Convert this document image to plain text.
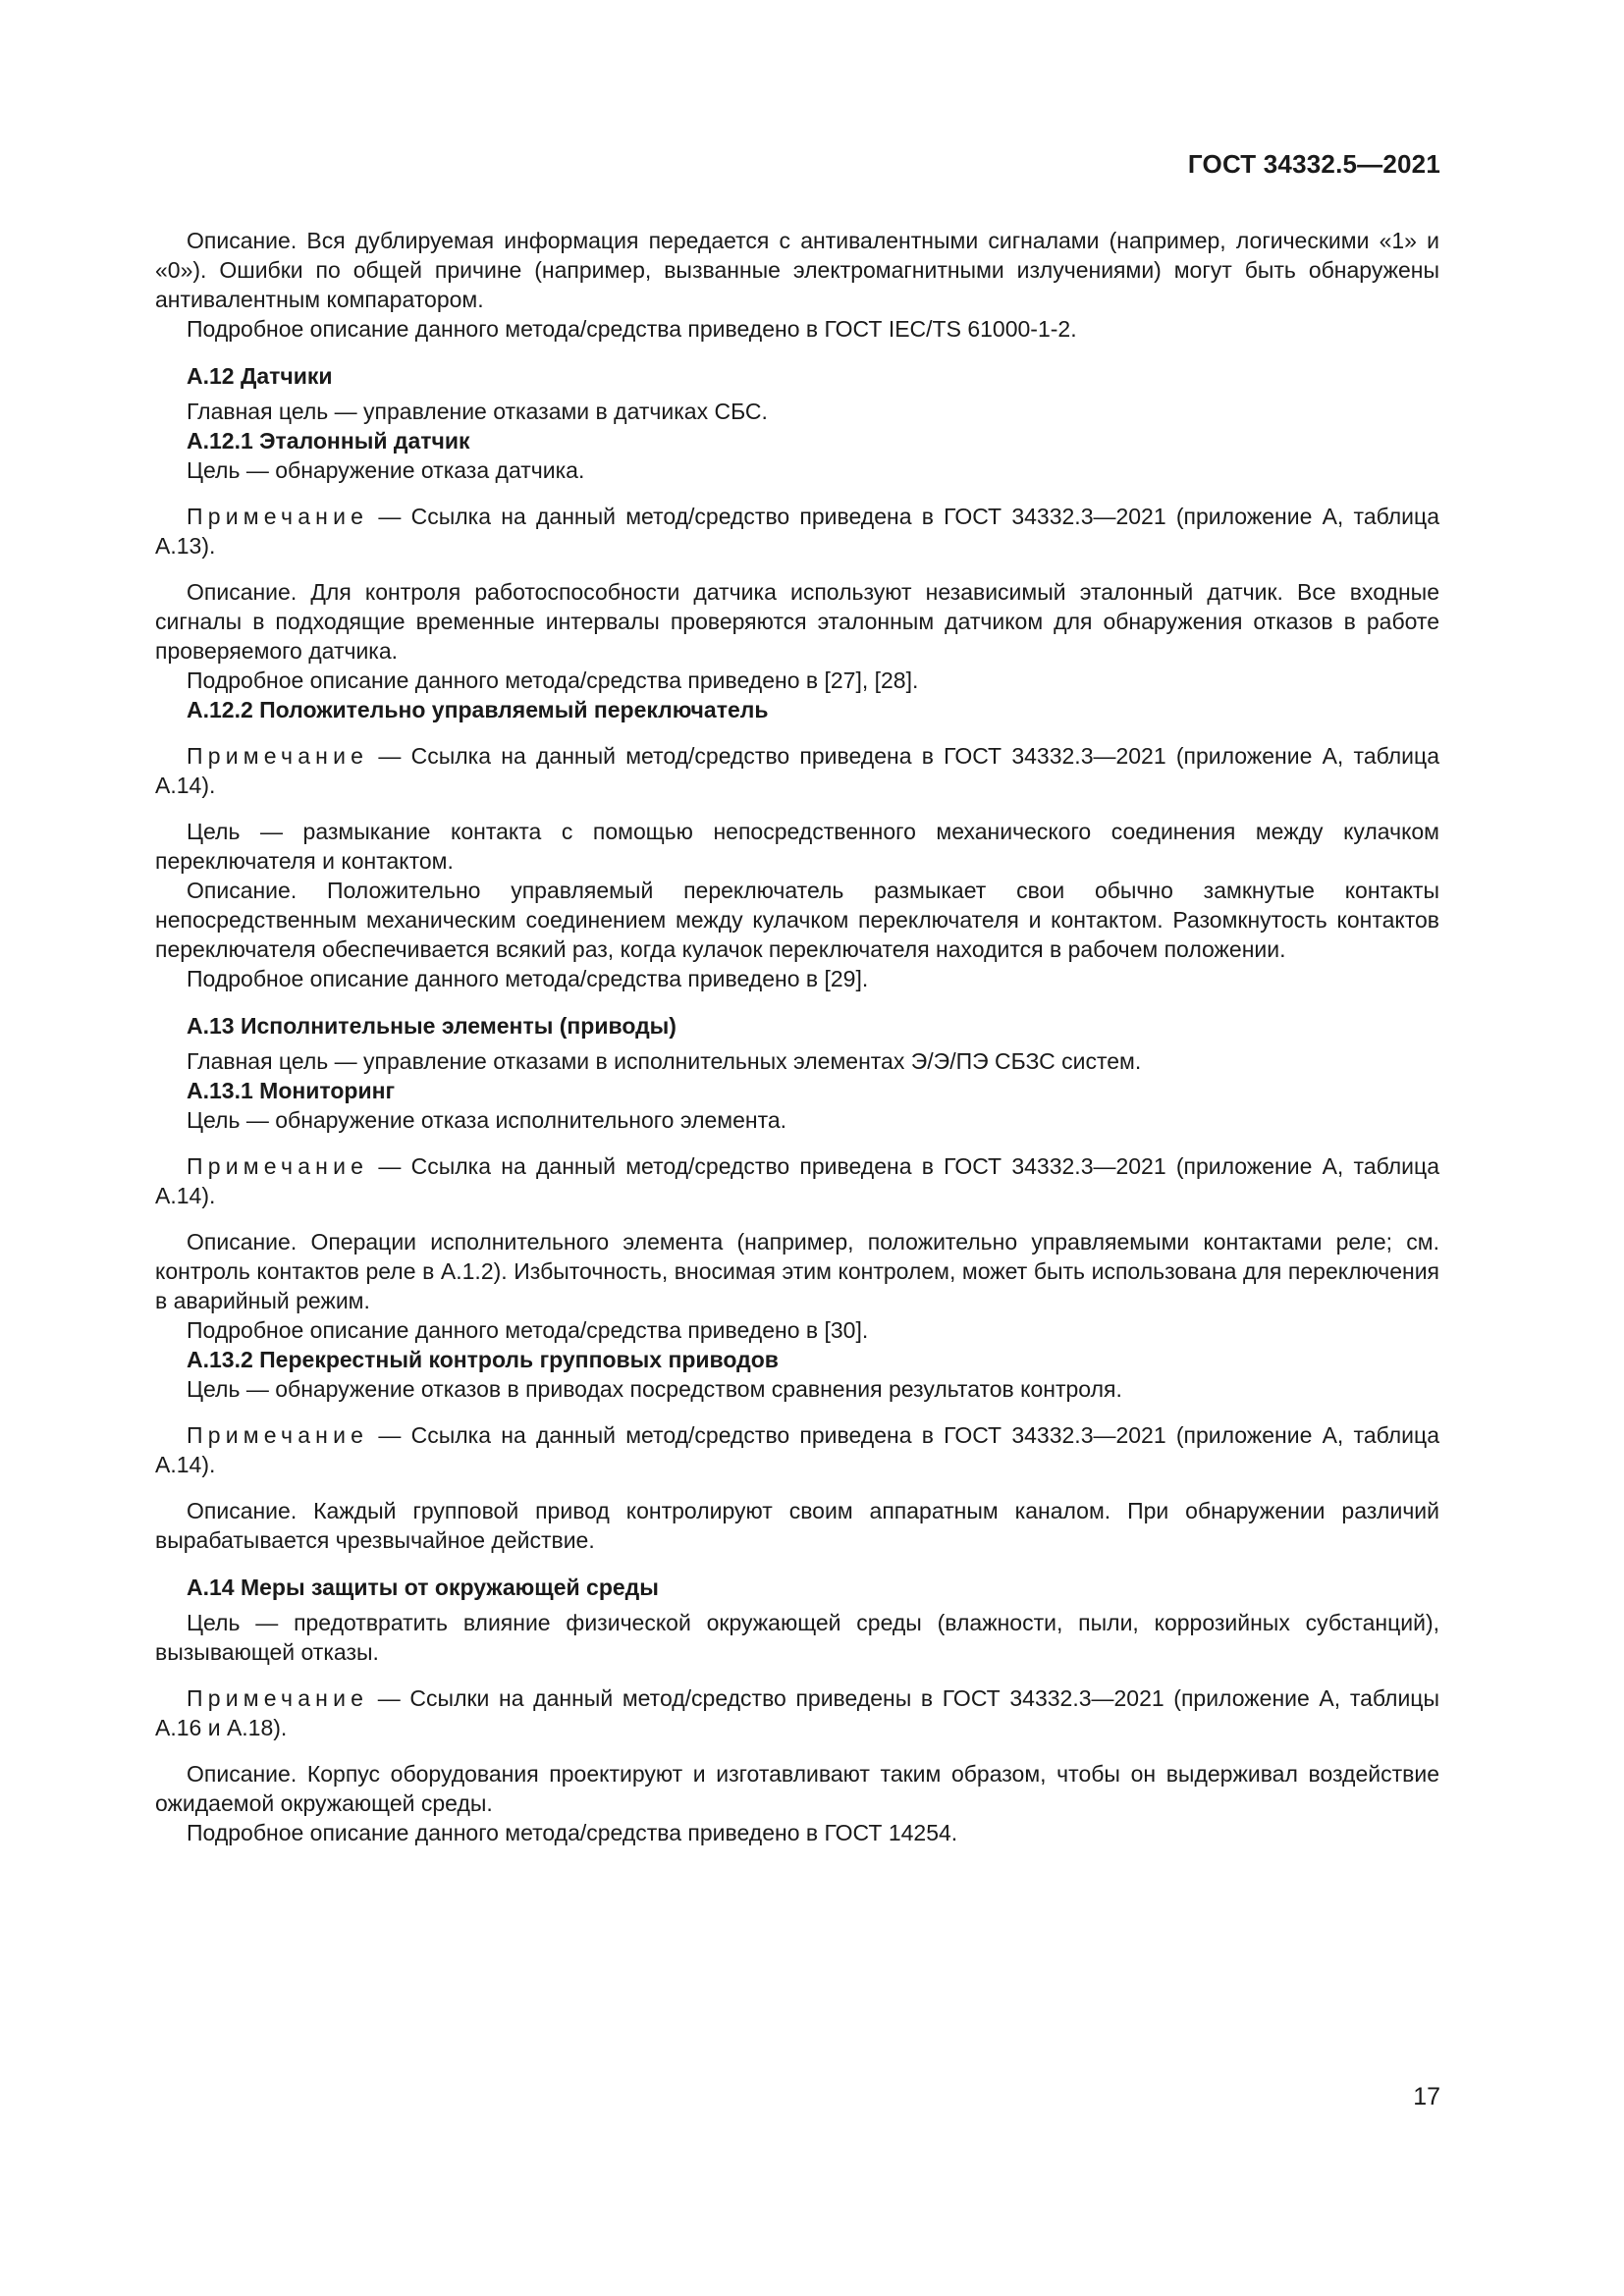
ГОСТ 34332.5—2021

Описание. Вся дублируемая информация передается с антивалентными сигналами (например, логическими «1» и «0»). Ошибки по общей причине (например, вызванные электромагнитными излучениями) могут быть обнаружены антивалентным компаратором.

Подробное описание данного метода/средства приведено в ГОСТ IEC/TS 61000-1-2.

А.12 Датчики

Главная цель — управление отказами в датчиках СБС.

А.12.1 Эталонный датчик

Цель — обнаружение отказа датчика.

Примечание — Ссылка на данный метод/средство приведена в ГОСТ 34332.3—2021 (приложение А, таблица А.13).

Описание. Для контроля работоспособности датчика используют независимый эталонный датчик. Все входные сигналы в подходящие временные интервалы проверяются эталонным датчиком для обнаружения отказов в работе проверяемого датчика.

Подробное описание данного метода/средства приведено в [27], [28].

А.12.2 Положительно управляемый переключатель

Примечание — Ссылка на данный метод/средство приведена в ГОСТ 34332.3—2021 (приложение А, таблица А.14).

Цель — размыкание контакта с помощью непосредственного механического соединения между кулачком переключателя и контактом.

Описание. Положительно управляемый переключатель размыкает свои обычно замкнутые контакты непосредственным механическим соединением между кулачком переключателя и контактом. Разомкнутость контактов переключателя обеспечивается всякий раз, когда кулачок переключателя находится в рабочем положении.

Подробное описание данного метода/средства приведено в [29].

А.13 Исполнительные элементы (приводы)

Главная цель — управление отказами в исполнительных элементах Э/Э/ПЭ СБЗС систем.

А.13.1 Мониторинг

Цель — обнаружение отказа исполнительного элемента.

Примечание — Ссылка на данный метод/средство приведена в ГОСТ 34332.3—2021 (приложение А, таблица А.14).

Описание. Операции исполнительного элемента (например, положительно управляемыми контактами реле; см. контроль контактов реле в А.1.2). Избыточность, вносимая этим контролем, может быть использована для переключения в аварийный режим.

Подробное описание данного метода/средства приведено в [30].

А.13.2 Перекрестный контроль групповых приводов

Цель — обнаружение отказов в приводах посредством сравнения результатов контроля.

Примечание — Ссылка на данный метод/средство приведена в ГОСТ 34332.3—2021 (приложение А, таблица А.14).

Описание. Каждый групповой привод контролируют своим аппаратным каналом. При обнаружении различий вырабатывается чрезвычайное действие.

А.14 Меры защиты от окружающей среды

Цель — предотвратить влияние физической окружающей среды (влажности, пыли, коррозийных субстанций), вызывающей отказы.

Примечание — Ссылки на данный метод/средство приведены в ГОСТ 34332.3—2021 (приложение А, таблицы А.16 и А.18).

Описание. Корпус оборудования проектируют и изготавливают таким образом, чтобы он выдерживал воздействие ожидаемой окружающей среды.

Подробное описание данного метода/средства приведено в ГОСТ 14254.

17
